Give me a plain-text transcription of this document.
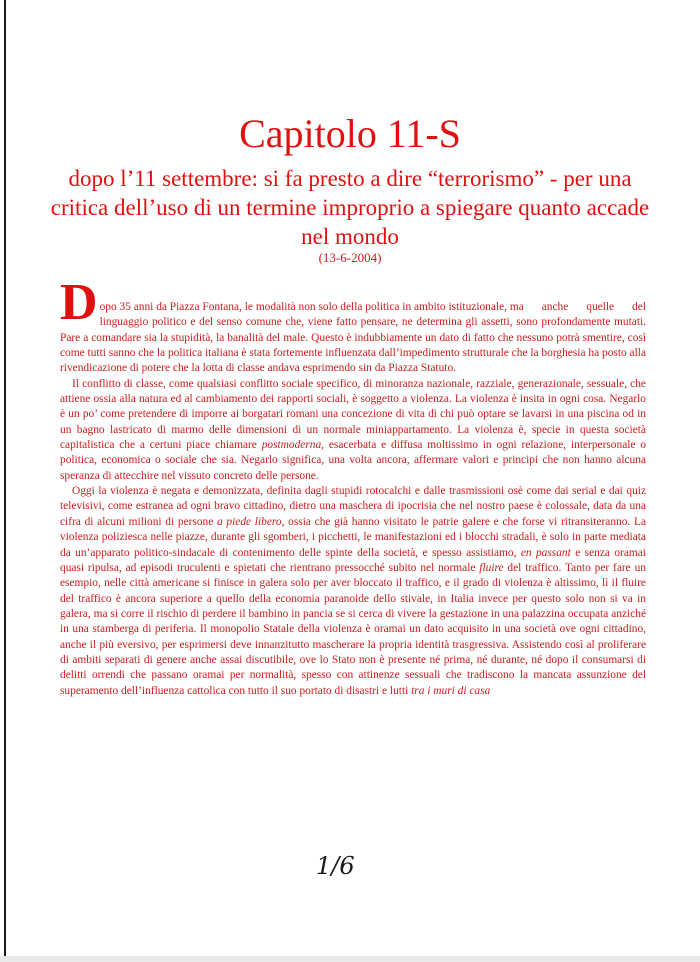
Capitolo 11-S
dopo l’11 settembre: si fa presto a dire “terrorismo” - per una critica dell’uso di un termine improprio a spiegare quanto accade nel mondo
(13-6-2004)

D opo 35 anni da Piazza Fontana, le modalità non solo della politica in ambito istituzionale, ma anche quelle del linguaggio politico e del senso comune che, viene fatto pensare, ne determina gli assetti, sono profondamente mutati. Pare a comandare sia la stupidità, la banalità del male. Questo è indubbiamente un dato di fatto che nessuno potrà smentire, così come tutti sanno che la politica italiana è stata fortemente influenzata dall’impedimento strutturale che la borghesia ha posto alla rivendicazione di potere che la lotta di classe andava esprimendo sin da Piazza Statuto.

Il conflitto di classe, come qualsiasi conflitto sociale specifico, di minoranza nazionale, razziale, generazionale, sessuale, che attiene ossia alla natura ed al cambiamento dei rapporti sociali, è soggetto a violenza. La violenza è insita in ogni cosa. Negarlo è un po’ come pretendere di imporre ai borgatari romani una concezione di vita di chi può optare se lavarsi in una piscina od in un bagno lastricato di marmo delle dimensioni di un normale miniappartamento. La violenza è, specie in questa società capitalistica che a certuni piace chiamare postmoderna, esacerbata e diffusa moltissimo in ogni relazione, interpersonale o politica, economica o sociale che sia. Negarlo significa, una volta ancora, affermare valori e principi che non hanno alcuna speranza di attecchire nel vissuto concreto delle persone.

Oggi la violenza è negata e demonizzata, definita dagli stupidi rotocalchi e dalle trasmissioni osè come dai serial e dai quiz televisivi, come estranea ad ogni bravo cittadino, dietro una maschera di ipocrisia che nel nostro paese è colossale, data da una cifra di alcuni milioni di persone a piede libero, ossia che già hanno visitato le patrie galere e che forse vi ritransiteranno. La violenza poliziesca nelle piazze, durante gli sgomberi, i picchetti, le manifestazioni ed i blocchi stradali, è solo in parte mediata da un’apparato politico-sindacale di contenimento delle spinte della società, e spesso assistiamo, en passant e senza oramai quasi ripulsa, ad episodi truculenti e spietati che rientrano pressocché subito nel normale fluire del traffico. Tanto per fare un esempio, nelle città americane si finisce in galera solo per aver bloccato il traffico, e il grado di violenza è altissimo, lì il fluire del traffico è ancora superiore a quello della economia paranoide dello stivale, in Italia invece per questo solo non si va in galera, ma si corre il rischio di perdere il bambino in pancia se si cerca di vivere la gestazione in una palazzina occupata anziché in una stamberga di periferia. Il monopolio Statale della violenza è oramai un dato acquisito in una società ove ogni cittadino, anche il più eversivo, per esprimersi deve innanzitutto mascherare la propria identità trasgressiva. Assistendo così al proliferare di ambiti separati di genere anche assai discutibile, ove lo Stato non è presente né prima, né durante, né dopo il consumarsi di delitti orrendi che passano oramai per normalità, spesso con attinenze sessuali che tradiscono la mancata assunzione del superamento dell’influenza cattolica con tutto il suo portato di disastri e lutti tra i muri di casa

1/6
